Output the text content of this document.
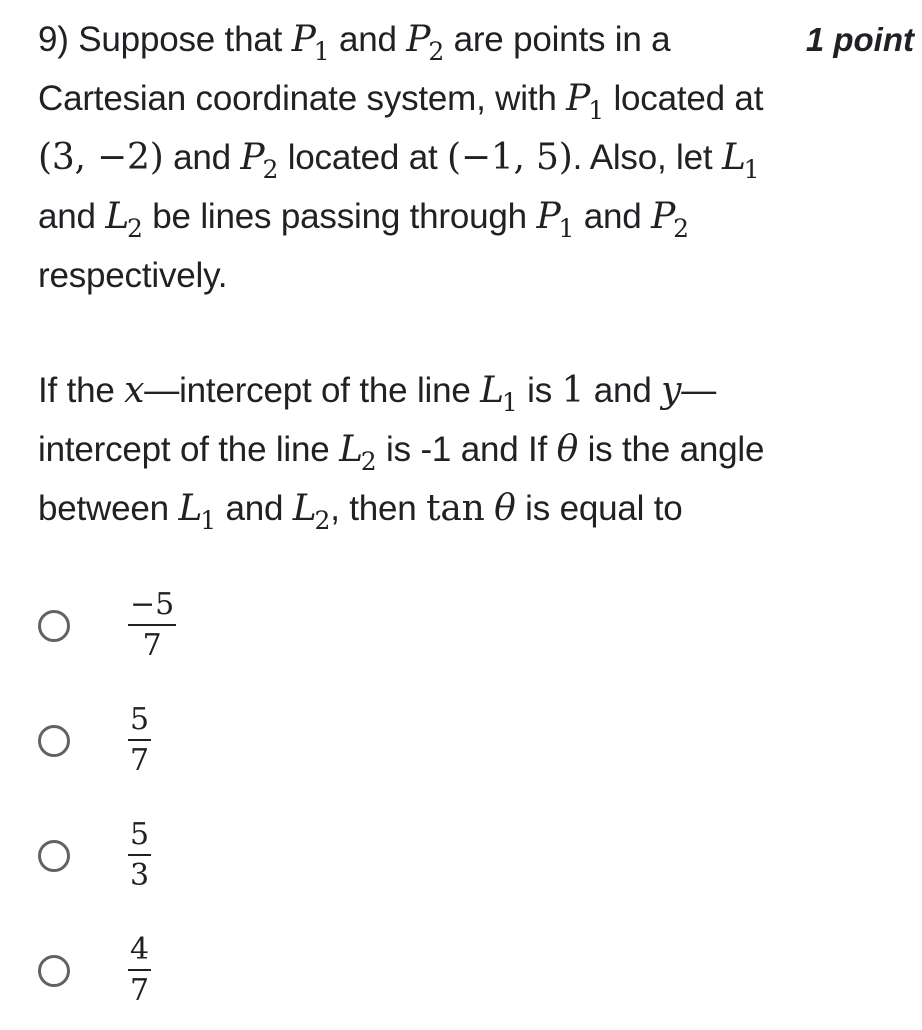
9) Suppose that $P_1$ and $P_2$ are points in a
Cartesian coordinate system, with $P_1$ located at
(3, −2) and $P_2$ located at (−1, 5). Also, let $L_1$
and $L_2$ be lines passing through $P_1$ and $P_2$
respectively.
If the x—intercept of the line $L_1$ is 1 and y—
intercept of the line $L_2$ is -1 and If θ is the angle
between $L_1$ and $L_2$, then tan θ is equal to
1 point
−5
7
5
7
5
3
4
7
